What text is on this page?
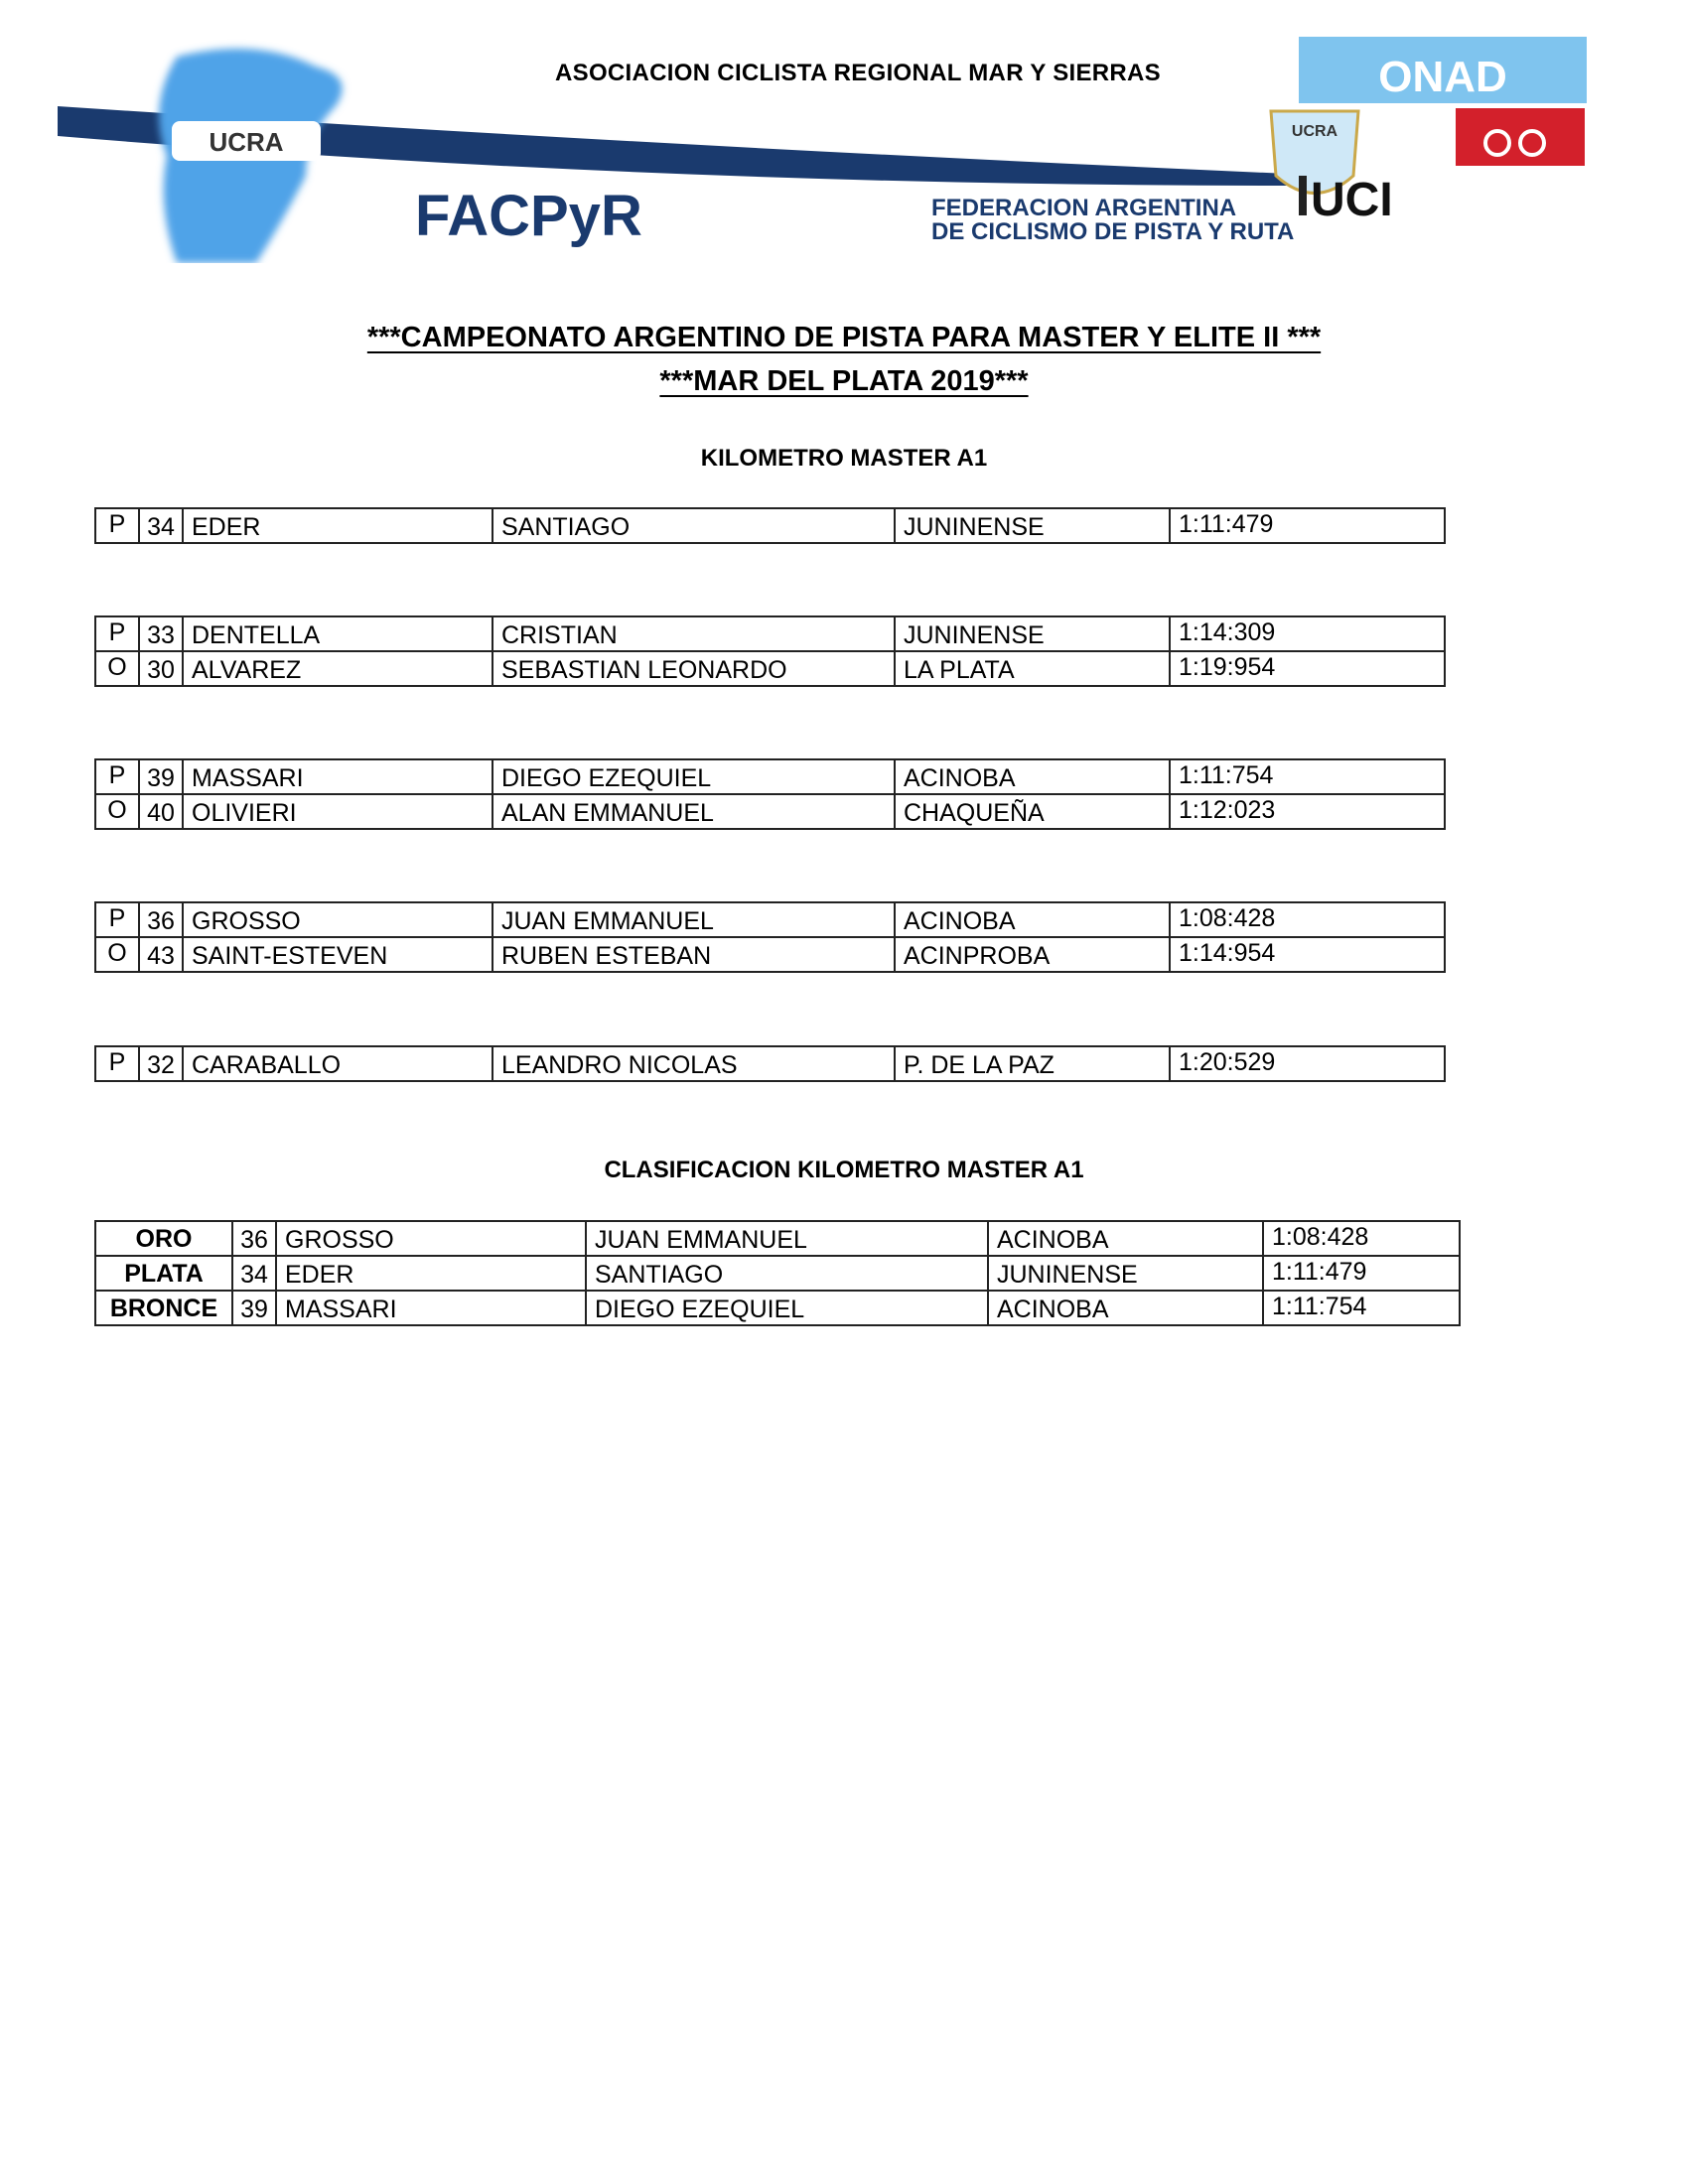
UCRA
FACPyR	FEDERACION ARGENTINA
DE CICLISMO DE PISTA Y RUTA
ONAD
UCRA
UCI
ASOCIACION CICLISTA REGIONAL MAR Y SIERRAS
***CAMPEONATO ARGENTINO DE PISTA PARA MASTER Y ELITE II ***
***MAR DEL PLATA 2019***
KILOMETRO MASTER A1
P	34	EDER	SANTIAGO	JUNINENSE	1:11:479
P	33	DENTELLA	CRISTIAN	JUNINENSE	1:14:309
O	30	ALVAREZ	SEBASTIAN LEONARDO	LA PLATA	1:19:954
P	39	MASSARI	DIEGO EZEQUIEL	ACINOBA	1:11:754
O	40	OLIVIERI	ALAN EMMANUEL	CHAQUEÑA	1:12:023
P	36	GROSSO	JUAN EMMANUEL	ACINOBA	1:08:428
O	43	SAINT-ESTEVEN	RUBEN ESTEBAN	ACINPROBA	1:14:954
P	32	CARABALLO	LEANDRO NICOLAS	P. DE LA PAZ	1:20:529
CLASIFICACION KILOMETRO MASTER A1
ORO	36	GROSSO	JUAN EMMANUEL	ACINOBA	1:08:428
PLATA	34	EDER	SANTIAGO	JUNINENSE	1:11:479
BRONCE	39	MASSARI	DIEGO EZEQUIEL	ACINOBA	1:11:754
